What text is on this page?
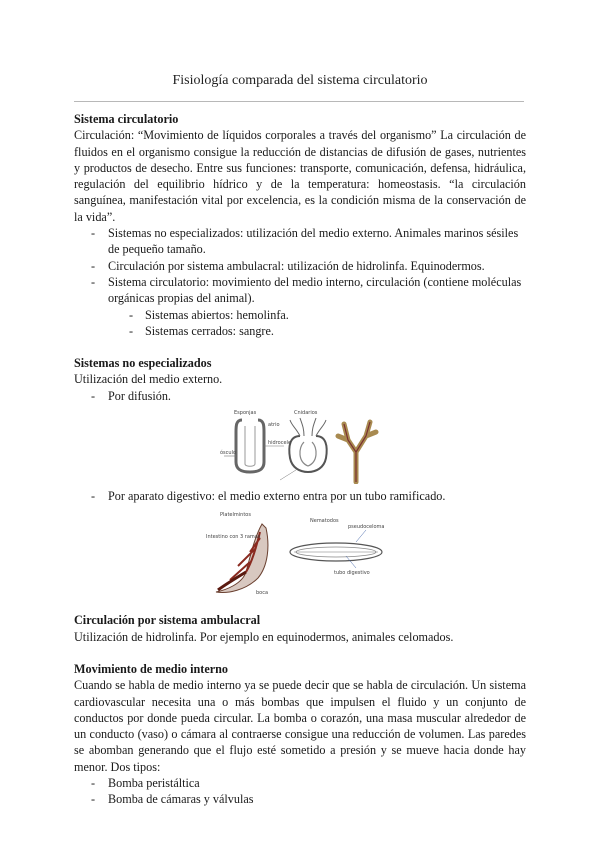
Fisiología comparada del sistema circulatorio

Sistema circulatorio

Circulación: “Movimiento de líquidos corporales a través del organismo” La circulación de fluidos en el organismo consigue la reducción de distancias de difusión de gases, nutrientes y productos de desecho. Entre sus funciones: transporte, comunicación, defensa, hidráulica, regulación del equilibrio hídrico y de la temperatura: homeostasis. “la circulación sanguínea, manifestación vital por excelencia, es la condición misma de la conservación de la vida”.

- Sistemas no especializados: utilización del medio externo. Animales marinos sésiles de pequeño tamaño.
- Circulación por sistema ambulacral: utilización de hidrolinfa. Equinodermos.
- Sistema circulatorio: movimiento del medio interno, circulación (contiene moléculas orgánicas propias del animal).
- Sistemas abiertos: hemolinfa.
- Sistemas cerrados: sangre.

Sistemas no especializados

Utilización del medio externo.

- Por difusión.
Esponjas	Cnidarios
ósculo
atrio
hidrocele
- Por aparato digestivo: el medio externo entra por un tubo ramificado.
Platelmintos
Intestino con 3 ramas
boca
Nematodos
pseudoceloma
tubo digestivo

Circulación por sistema ambulacral

Utilización de hidrolinfa. Por ejemplo en equinodermos, animales celomados.

Movimiento de medio interno

Cuando se habla de medio interno ya se puede decir que se habla de circulación. Un sistema cardiovascular necesita una o más bombas que impulsen el fluido y un conjunto de conductos por donde pueda circular. La bomba o corazón, una masa muscular alrededor de un conducto (vaso) o cámara al contraerse consigue una reducción de volumen. Las paredes se abomban generando que el flujo esté sometido a presión y se mueve hacia donde hay menor. Dos tipos:

- Bomba peristáltica
- Bomba de cámaras y válvulas
